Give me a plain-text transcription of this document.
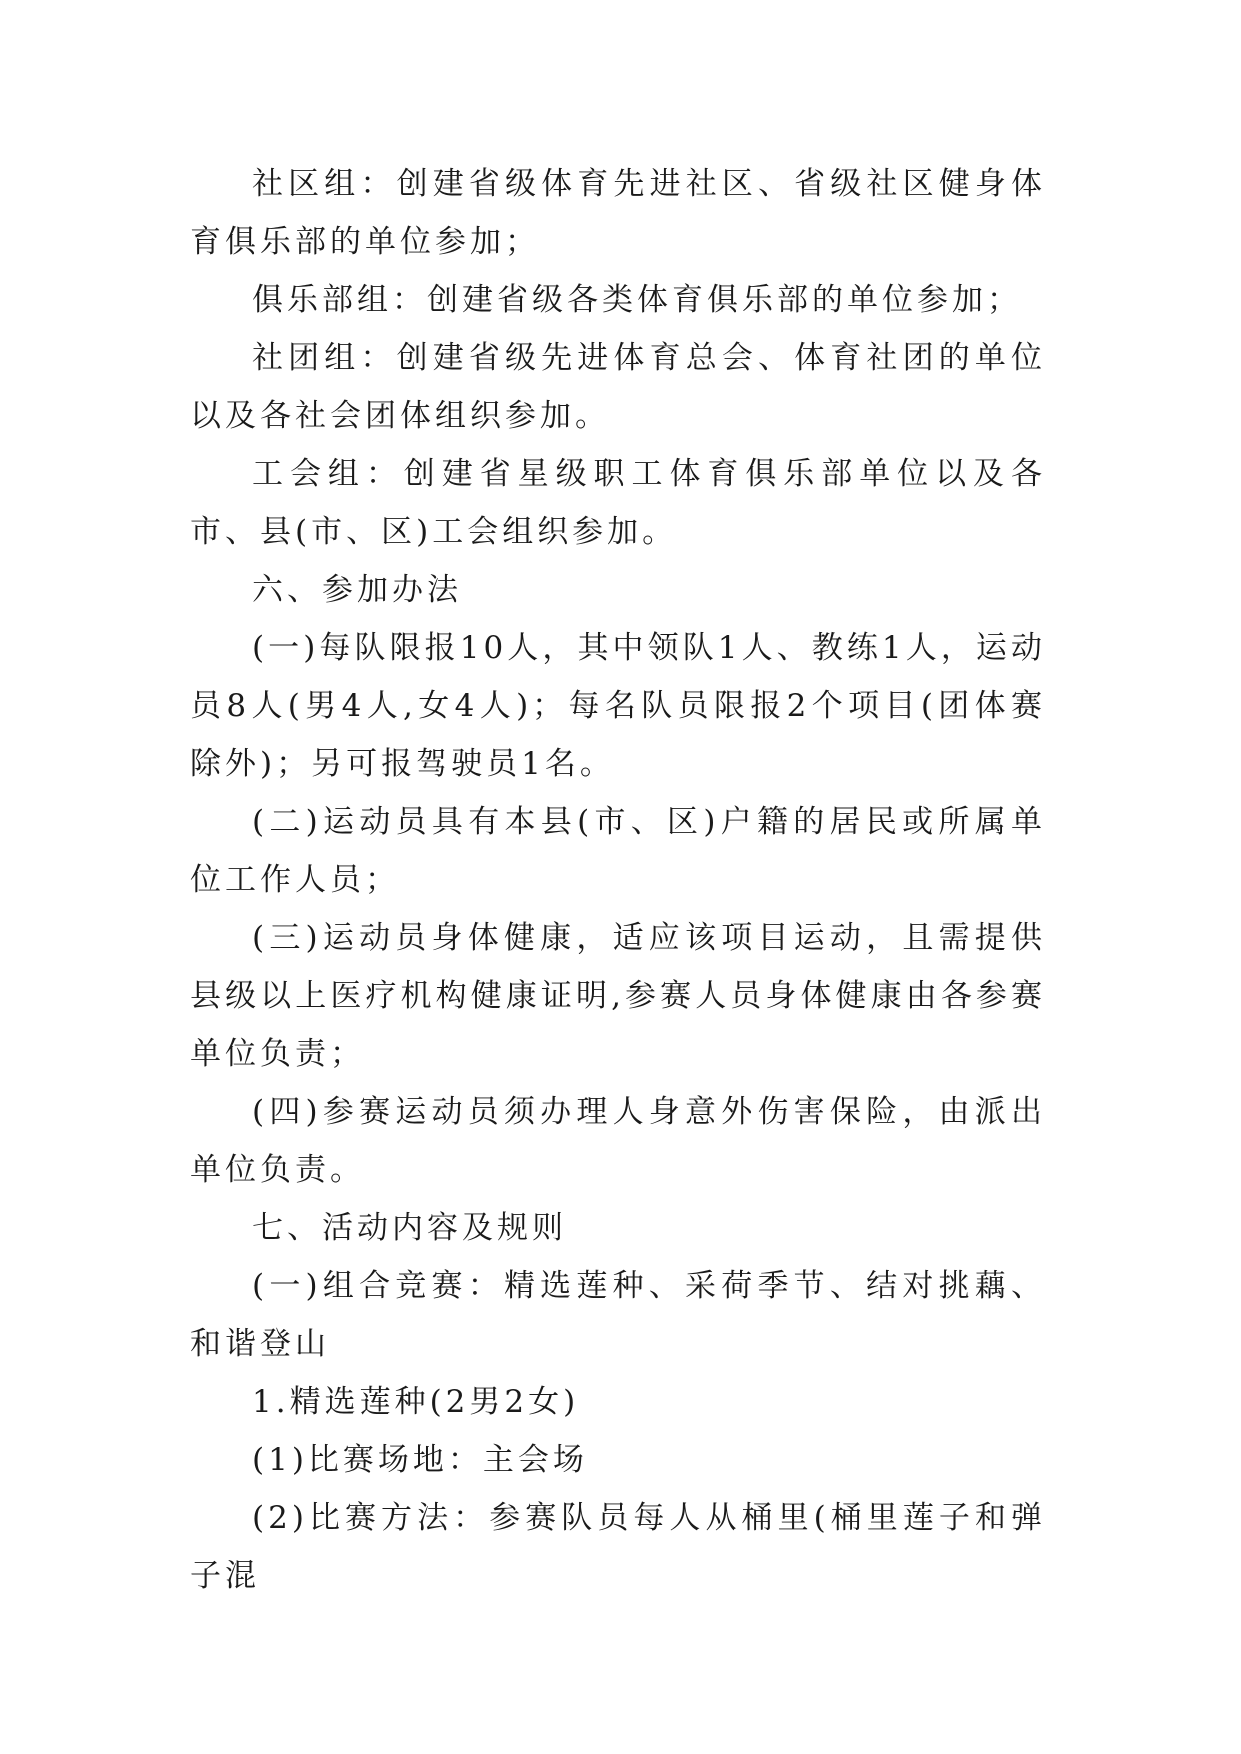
社区组：创建省级体育先进社区、省级社区健身体育俱乐部的单位参加；

俱乐部组：创建省级各类体育俱乐部的单位参加；

社团组：创建省级先进体育总会、体育社团的单位以及各社会团体组织参加。

工会组：创建省星级职工体育俱乐部单位以及各市、县(市、区)工会组织参加。

六、参加办法

(一)每队限报10人，其中领队1人、教练1人，运动员8人(男4人,女4人)；每名队员限报2个项目(团体赛除外)；另可报驾驶员1名。

(二)运动员具有本县(市、区)户籍的居民或所属单位工作人员；

(三)运动员身体健康，适应该项目运动，且需提供县级以上医疗机构健康证明,参赛人员身体健康由各参赛单位负责；

(四)参赛运动员须办理人身意外伤害保险，由派出单位负责。

七、活动内容及规则

(一)组合竞赛：精选莲种、采荷季节、结对挑藕、和谐登山

1.精选莲种(2男2女)

(1)比赛场地：主会场

(2)比赛方法：参赛队员每人从桶里(桶里莲子和弹子混
